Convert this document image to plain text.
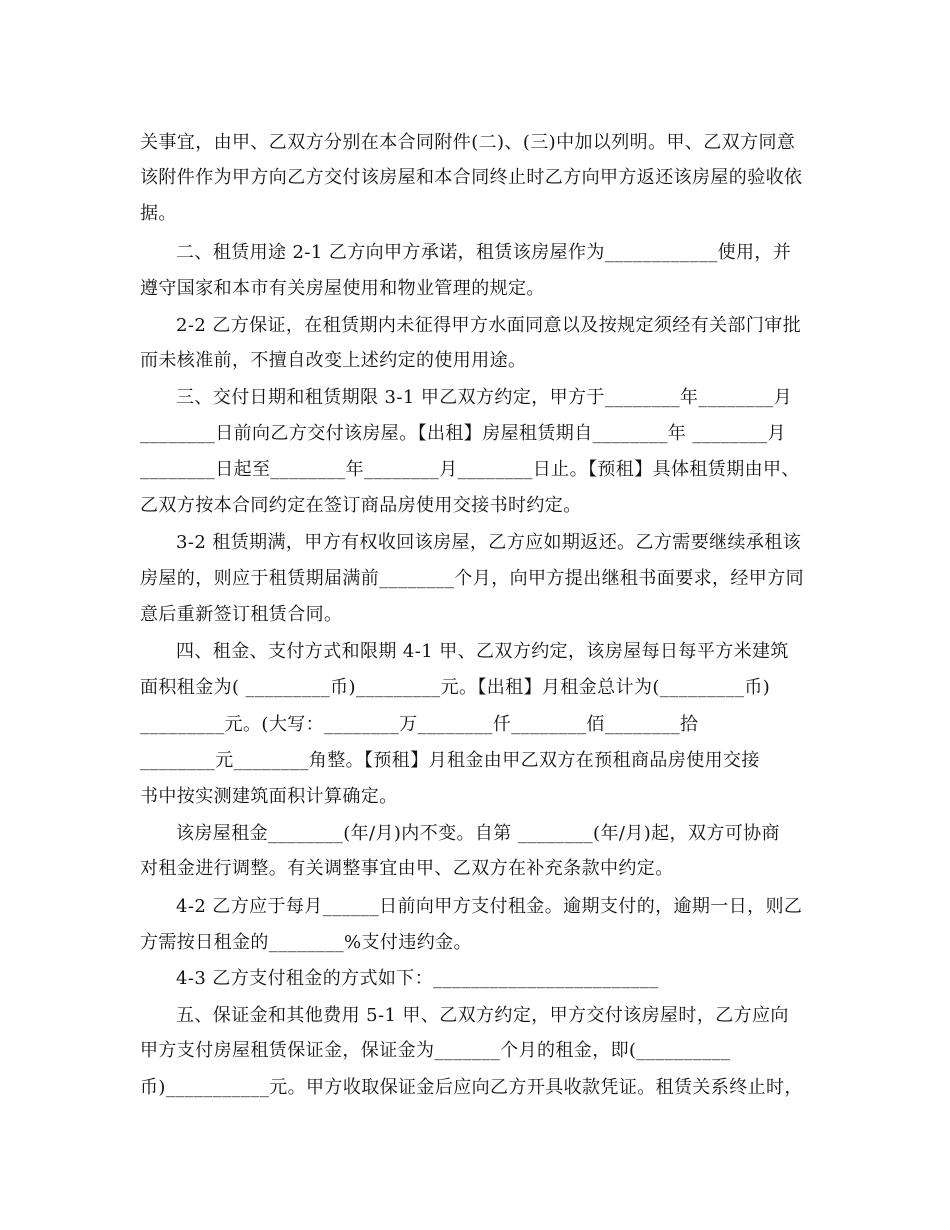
关事宜，由甲、乙双方分别在本合同附件(二)、(三)中加以列明。甲、乙双方同意
该附件作为甲方向乙方交付该房屋和本合同终止时乙方向甲方返还该房屋的验收依
据。
二、租赁用途 2-1 乙方向甲方承诺，租赁该房屋作为____________使用，并
遵守国家和本市有关房屋使用和物业管理的规定。
2-2 乙方保证，在租赁期内未征得甲方水面同意以及按规定须经有关部门审批
而未核准前，不擅自改变上述约定的使用用途。
三、交付日期和租赁期限 3-1 甲乙双方约定，甲方于________年________月
________日前向乙方交付该房屋。【出租】房屋租赁期自________年 ________月
________日起至________年________月________日止。【预租】具体租赁期由甲、
乙双方按本合同约定在签订商品房使用交接书时约定。
3-2 租赁期满，甲方有权收回该房屋，乙方应如期返还。乙方需要继续承租该
房屋的，则应于租赁期届满前________个月，向甲方提出继租书面要求，经甲方同
意后重新签订租赁合同。
四、租金、支付方式和限期 4-1 甲、乙双方约定，该房屋每日每平方米建筑
面积租金为( _________币)_________元。【出租】月租金总计为(_________币)
_________元。(大写：________万________仟________佰________拾
________元________角整。【预租】月租金由甲乙双方在预租商品房使用交接
书中按实测建筑面积计算确定。
该房屋租金________(年/月)内不变。自第 ________(年/月)起，双方可协商
对租金进行调整。有关调整事宜由甲、乙双方在补充条款中约定。
4-2 乙方应于每月______日前向甲方支付租金。逾期支付的，逾期一日，则乙
方需按日租金的________%支付违约金。
4-3 乙方支付租金的方式如下：________________________
五、保证金和其他费用 5-1 甲、乙双方约定，甲方交付该房屋时，乙方应向
甲方支付房屋租赁保证金，保证金为_______个月的租金，即(__________
币)___________元。甲方收取保证金后应向乙方开具收款凭证。租赁关系终止时，
